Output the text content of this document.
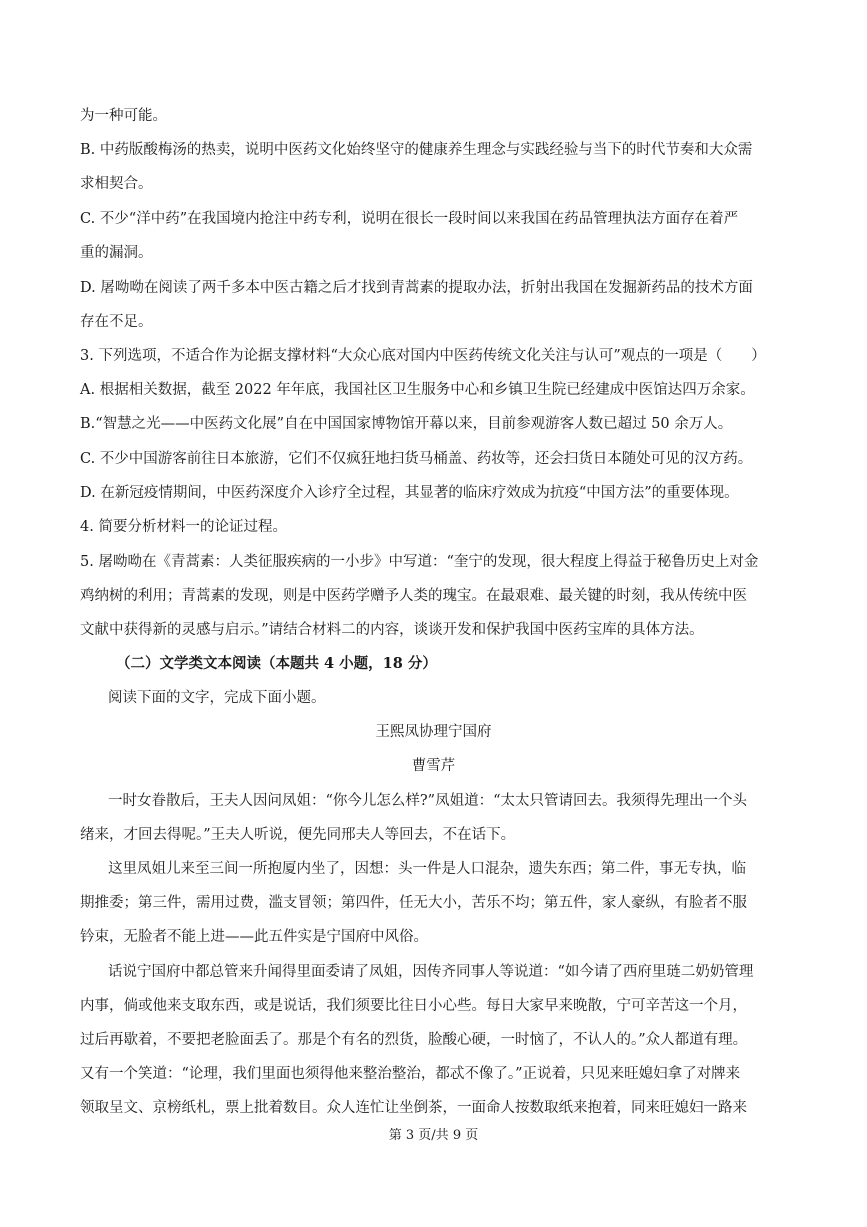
为一种可能。
B. 中药版酸梅汤的热卖，说明中医药文化始终坚守的健康养生理念与实践经验与当下的时代节奏和大众需
求相契合。
C. 不少“洋中药”在我国境内抢注中药专利，说明在很长一段时间以来我国在药品管理执法方面存在着严
重的漏洞。
D. 屠呦呦在阅读了两千多本中医古籍之后才找到青蒿素的提取办法，折射出我国在发掘新药品的技术方面
存在不足。
3. 下列选项，不适合作为论据支撑材料“大众心底对国内中医药传统文化关注与认可”观点的一项是（　　）
A. 根据相关数据，截至 2022 年年底，我国社区卫生服务中心和乡镇卫生院已经建成中医馆达四万余家。
B.“智慧之光——中医药文化展”自在中国国家博物馆开幕以来，目前参观游客人数已超过 50 余万人。
C. 不少中国游客前往日本旅游，它们不仅疯狂地扫货马桶盖、药妆等，还会扫货日本随处可见的汉方药。
D. 在新冠疫情期间，中医药深度介入诊疗全过程，其显著的临床疗效成为抗疫“中国方法”的重要体现。
4. 简要分析材料一的论证过程。
5. 屠呦呦在《青蒿素：人类征服疾病的一小步》中写道：“奎宁的发现，很大程度上得益于秘鲁历史上对金
鸡纳树的利用；青蒿素的发现，则是中医药学赠予人类的瑰宝。在最艰难、最关键的时刻，我从传统中医
文献中获得新的灵感与启示。”请结合材料二的内容，谈谈开发和保护我国中医药宝库的具体方法。
（二）文学类文本阅读（本题共 4 小题，18 分）
阅读下面的文字，完成下面小题。
王熙凤协理宁国府
曹雪芹
一时女眷散后，王夫人因问凤姐：“你今儿怎么样?”凤姐道：“太太只管请回去。我须得先理出一个头
绪来，才回去得呢。”王夫人听说，便先同邢夫人等回去，不在话下。
这里凤姐儿来至三间一所抱厦内坐了，因想：头一件是人口混杂，遗失东西；第二件，事无专执，临
期推委；第三件，需用过费，滥支冒领；第四件，任无大小，苦乐不均；第五件，家人豪纵，有脸者不服
钤束，无脸者不能上进——此五件实是宁国府中风俗。
话说宁国府中都总管来升闻得里面委请了凤姐，因传齐同事人等说道：“如今请了西府里琏二奶奶管理
内事，倘或他来支取东西，或是说话，我们须要比往日小心些。每日大家早来晚散，宁可辛苦这一个月，
过后再歇着，不要把老脸面丢了。那是个有名的烈货，脸酸心硬，一时恼了，不认人的。”众人都道有理。
又有一个笑道：“论理，我们里面也须得他来整治整治，都忒不像了。”正说着，只见来旺媳妇拿了对牌来
领取呈文、京榜纸札，票上批着数目。众人连忙让坐倒茶，一面命人按数取纸来抱着，同来旺媳妇一路来
第 3 页/共 9 页
